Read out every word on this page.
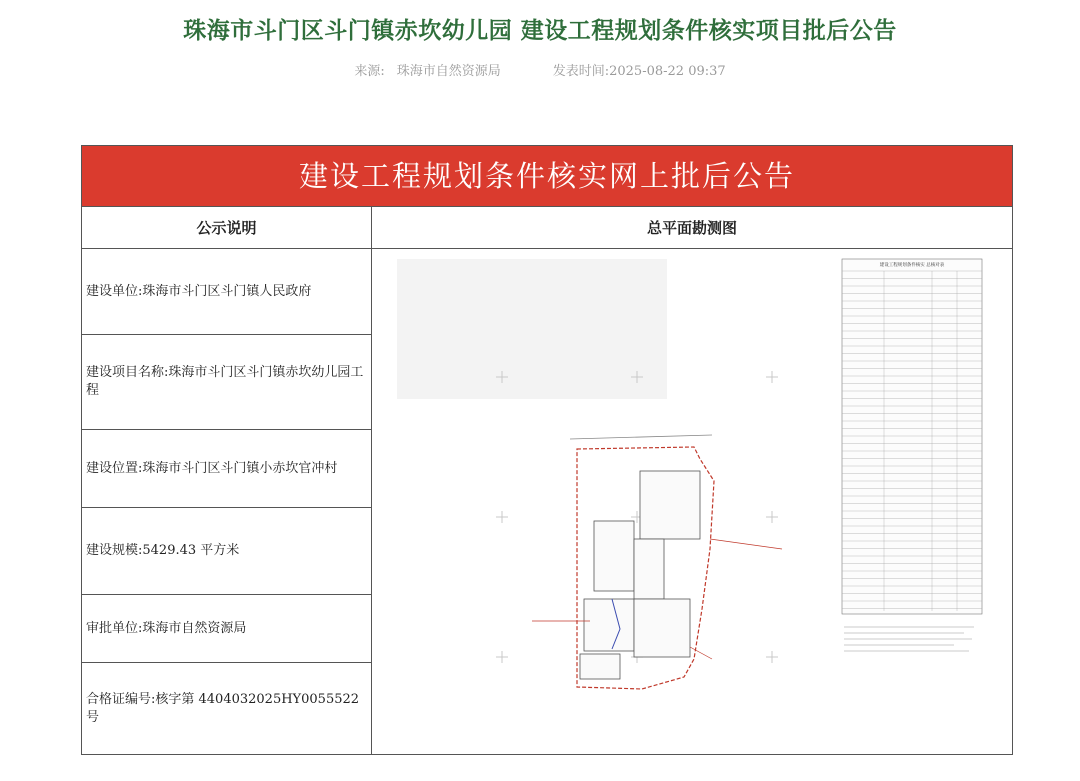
珠海市斗门区斗门镇赤坎幼儿园 建设工程规划条件核实项目批后公告
来源: 珠海市自然资源局	发表时间:2025-08-22 09:37
建设工程规划条件核实网上批后公告
公示说明	总平面勘测图
建设单位:珠海市斗门区斗门镇人民政府
建设项目名称:珠海市斗门区斗门镇赤坎幼儿园工程
建设位置:珠海市斗门区斗门镇小赤坎官冲村
建设规模:5429.43 平方米
审批单位:珠海市自然资源局
合格证编号:核字第 4404032025HY0055522 号
建设工程规划条件核实 总核对表
